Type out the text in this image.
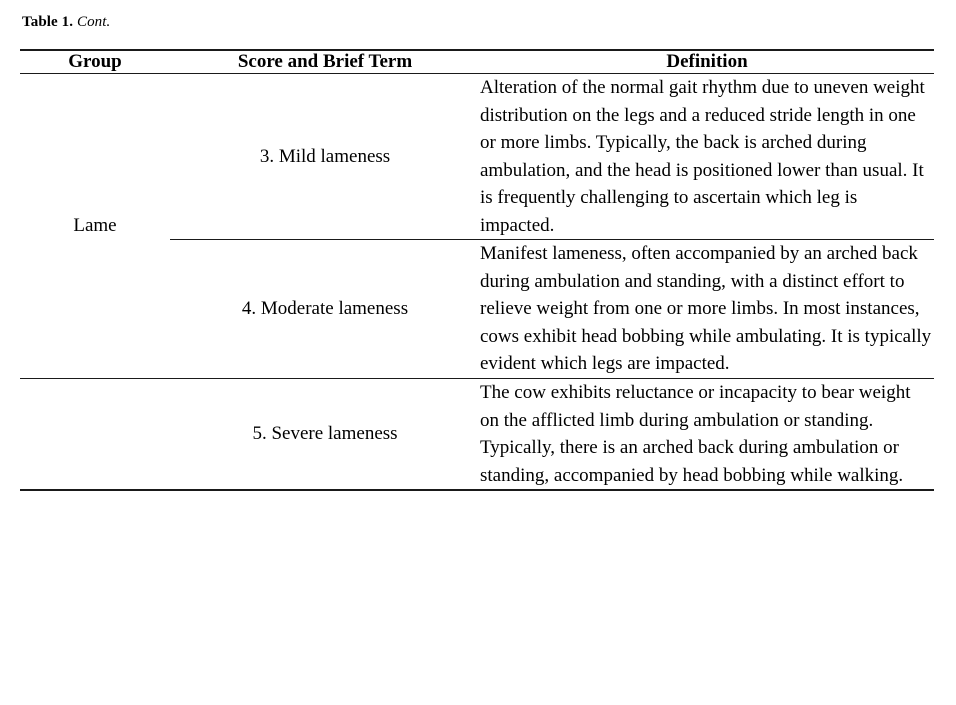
Table 1. Cont.
Group	Score and Brief Term	Definition
Lame	3. Mild lameness	Alteration of the normal gait rhythm due to uneven weight distribution on the legs and a reduced stride length in one or more limbs. Typically, the back is arched during ambulation, and the head is positioned lower than usual. It is frequently challenging to ascertain which leg is impacted.
	4. Moderate lameness	Manifest lameness, often accompanied by an arched back during ambulation and standing, with a distinct effort to relieve weight from one or more limbs. In most instances, cows exhibit head bobbing while ambulating. It is typically evident which legs are impacted.
	5. Severe lameness	The cow exhibits reluctance or incapacity to bear weight on the afflicted limb during ambulation or standing. Typically, there is an arched back during ambulation or standing, accompanied by head bobbing while walking.
